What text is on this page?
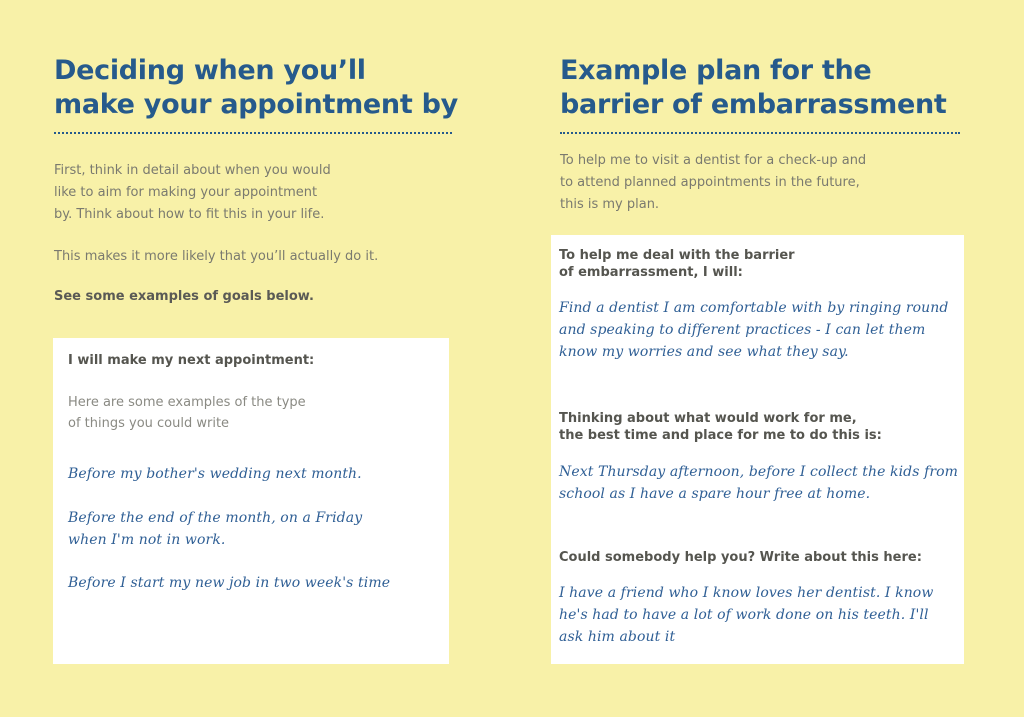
Deciding when you’ll
make your appointment by

First, think in detail about when you would
like to aim for making your appointment
by. Think about how to fit this in your life.

This makes it more likely that you’ll actually do it.

See some examples of goals below.

I will make my next appointment:

Here are some examples of the type
of things you could write

Before my bother's wedding next month.

Before the end of the month, on a Friday
when I'm not in work.

Before I start my new job in two week's time

Example plan for the
barrier of embarrassment

To help me to visit a dentist for a check-up and
to attend planned appointments in the future,
this is my plan.

To help me deal with the barrier
of embarrassment, I will:

Find a dentist I am comfortable with by ringing round
and speaking to different practices - I can let them
know my worries and see what they say.

Thinking about what would work for me,
the best time and place for me to do this is:

Next Thursday afternoon, before I collect the kids from
school as I have a spare hour free at home.

Could somebody help you? Write about this here:

I have a friend who I know loves her dentist. I know
he's had to have a lot of work done on his teeth. I'll
ask him about it
